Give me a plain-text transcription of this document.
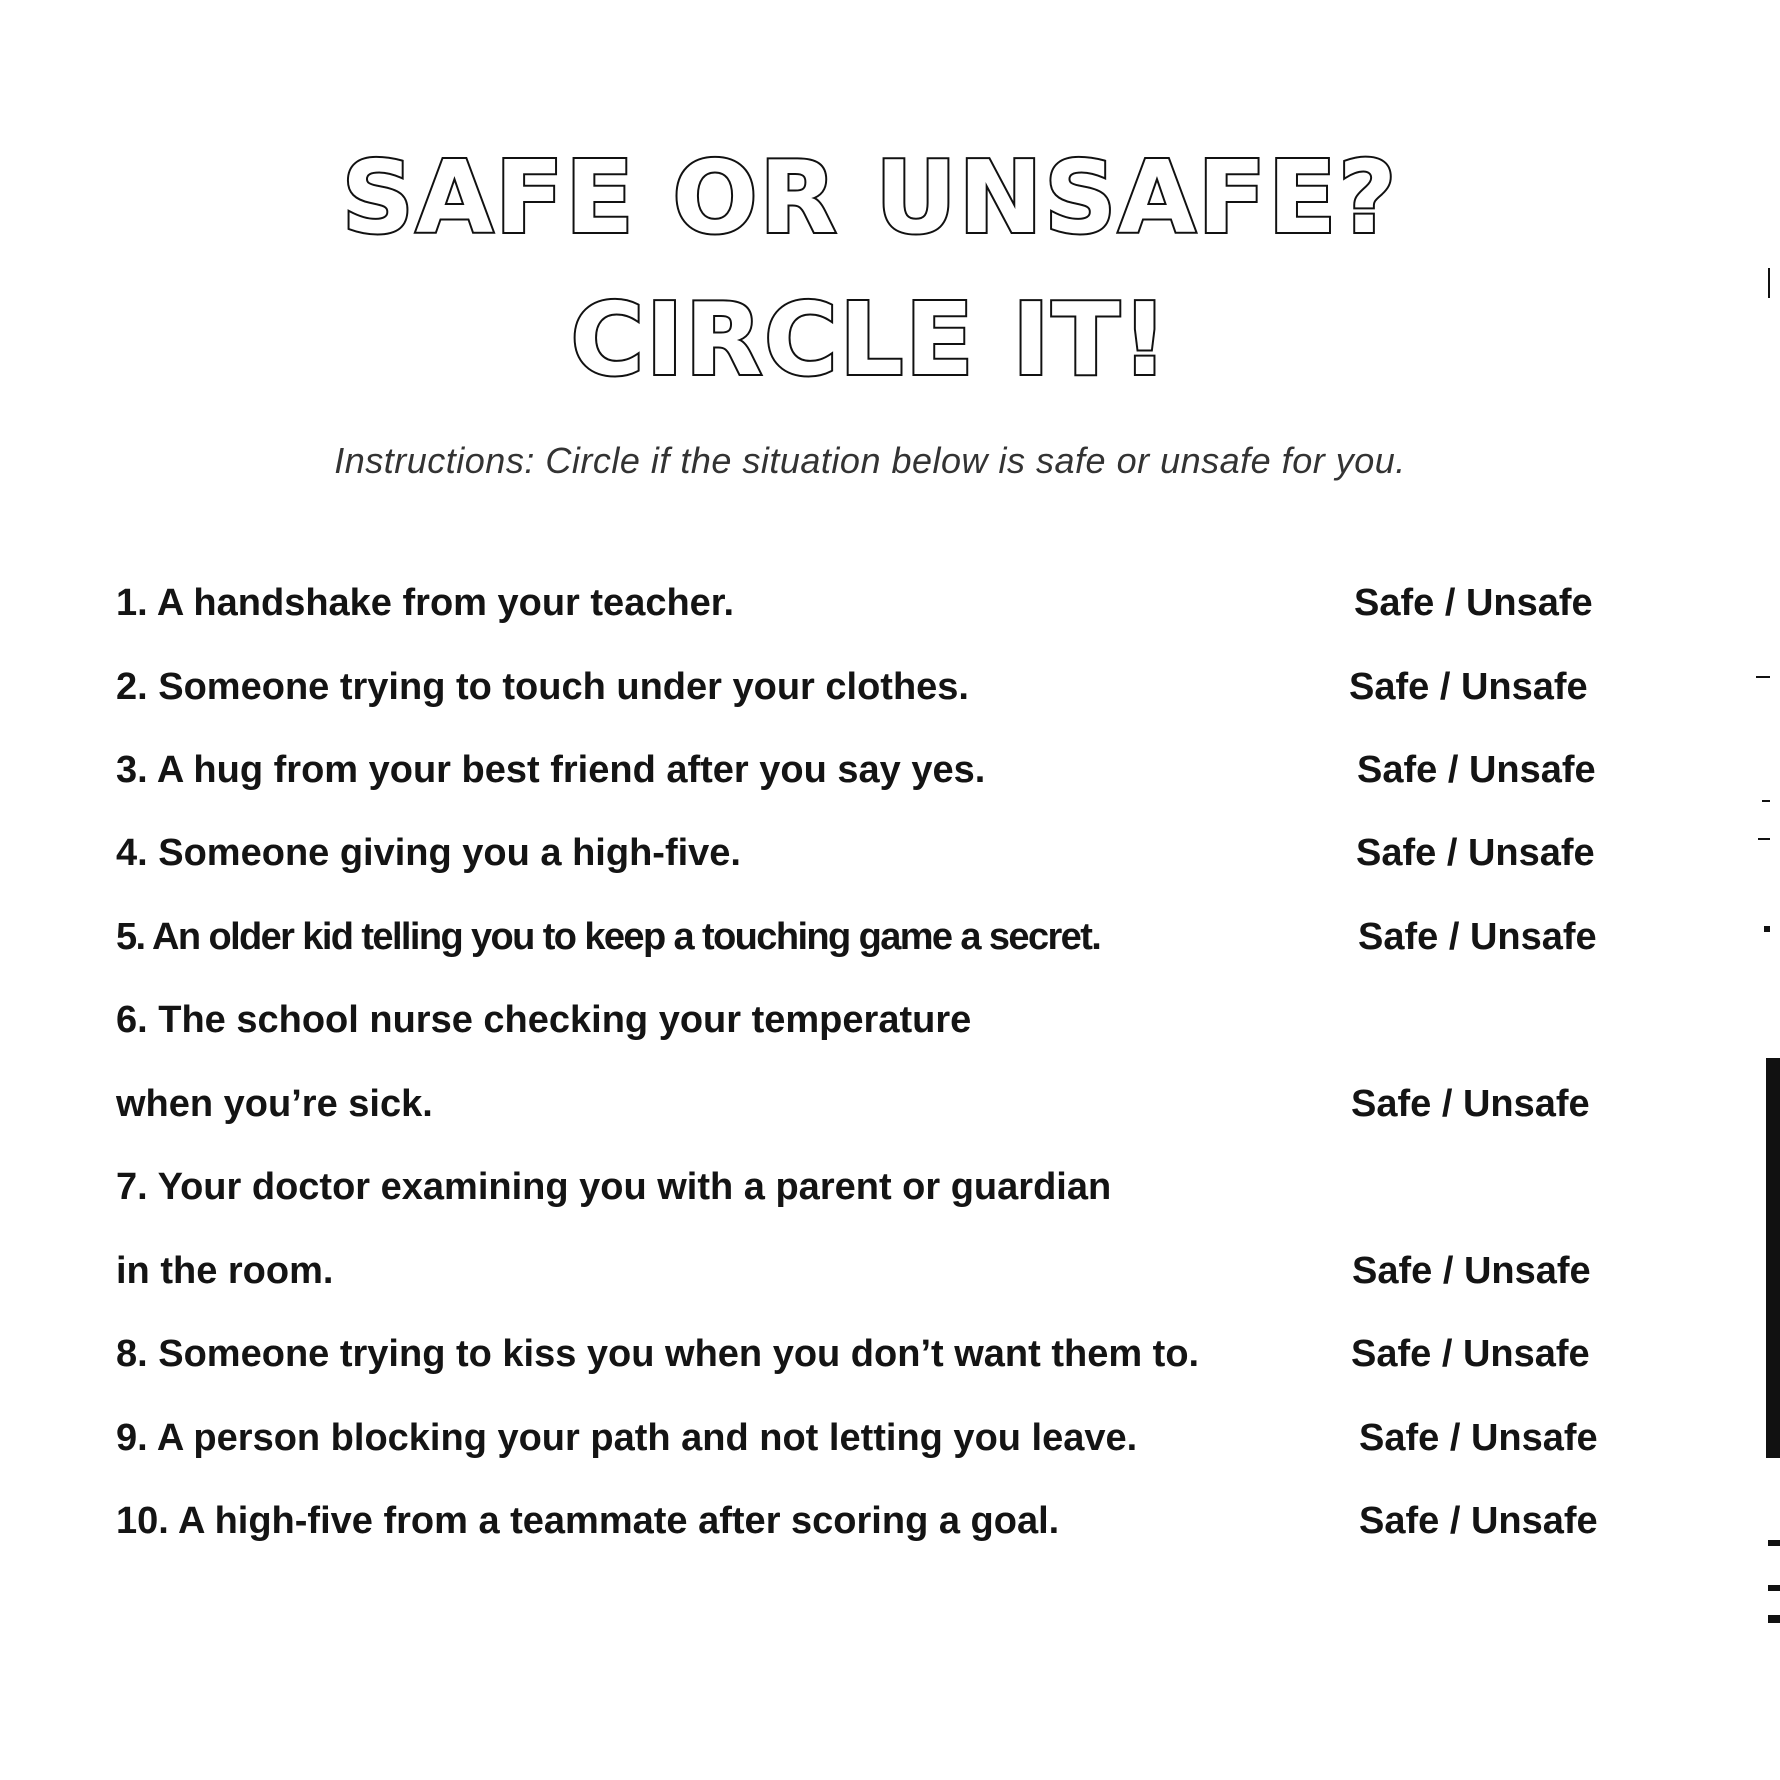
SAFE OR UNSAFE?
CIRCLE IT!
Instructions: Circle if the situation below is safe or unsafe for you.
1. A handshake from your teacher.	Safe / Unsafe
2. Someone trying to touch under your clothes.	Safe / Unsafe
3. A hug from your best friend after you say yes.	Safe / Unsafe
4. Someone giving you a high-five.	Safe / Unsafe
5. An older kid telling you to keep a touching game a secret.	Safe / Unsafe
6. The school nurse checking your temperature
when you’re sick.	Safe / Unsafe
7. Your doctor examining you with a parent or guardian
in the room.	Safe / Unsafe
8. Someone trying to kiss you when you don’t want them to.	Safe / Unsafe
9. A person blocking your path and not letting you leave.	Safe / Unsafe
10. A high-five from a teammate after scoring a goal.	Safe / Unsafe
